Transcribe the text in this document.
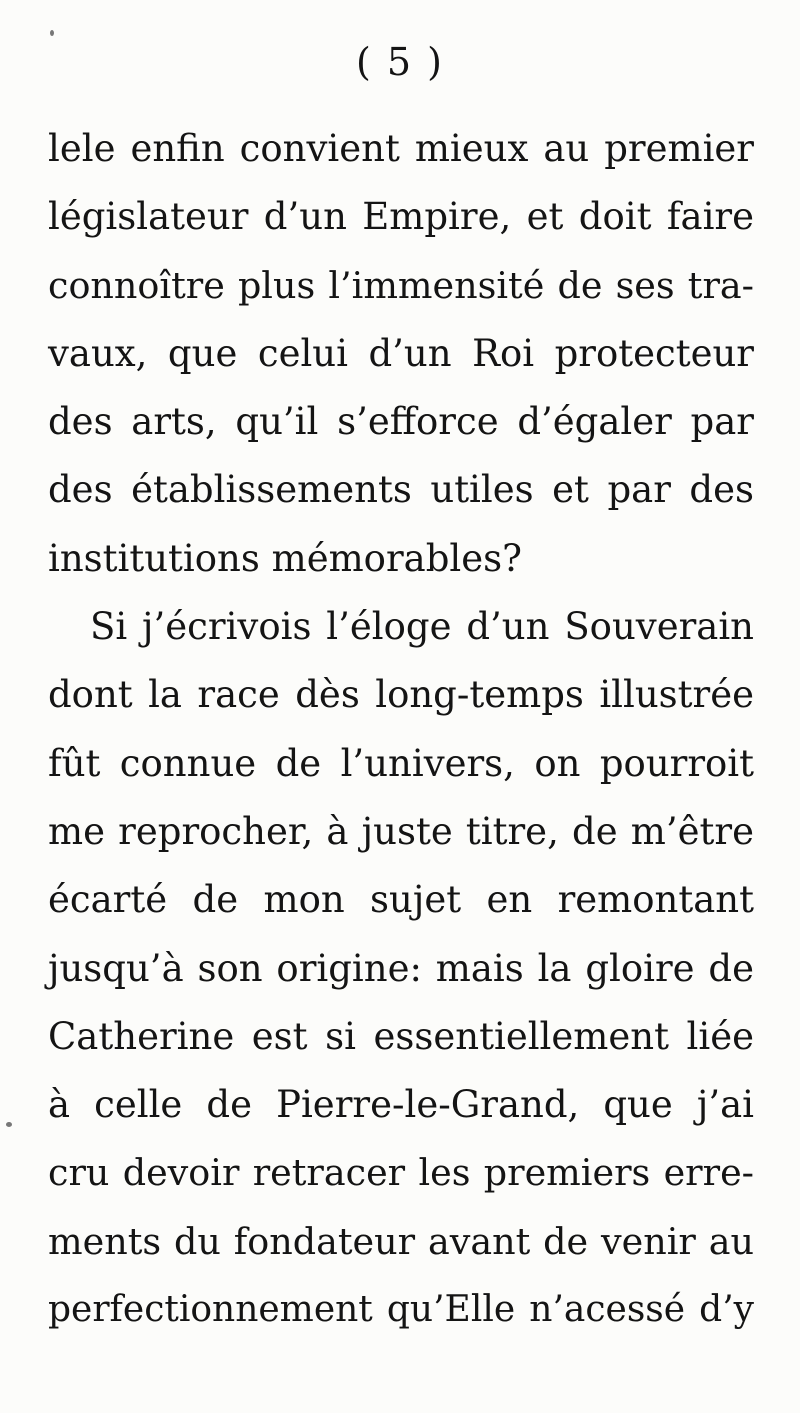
( 5 )
lele enfin convient mieux au premier
législateur d’un Empire, et doit faire
connoître plus l’immensité de ses tra-
vaux, que celui d’un Roi protecteur
des arts, qu’il s’efforce d’égaler par
des établissements utiles et par des
institutions mémorables?
Si j’écrivois l’éloge d’un Souverain
dont la race dès long-temps illustrée
fût connue de l’univers, on pourroit
me reprocher, à juste titre, de m’être
écarté de mon sujet en remontant
jusqu’à son origine: mais la gloire de
Catherine est si essentiellement liée
à celle de Pierre-le-Grand, que j’ai
cru devoir retracer les premiers erre-
ments du fondateur avant de venir au
perfectionnement qu’Elle n’acessé d’y
